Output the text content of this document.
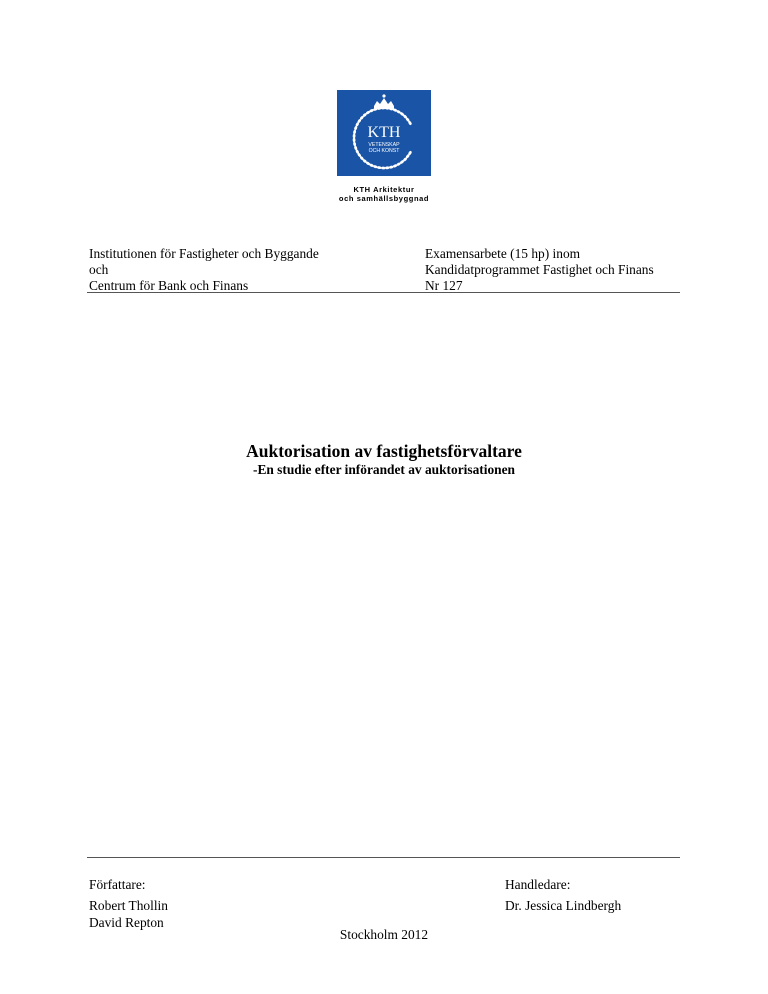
KTH
VETENSKAP
OCH KONST
KTH Arkitektur
och samhällsbyggnad
Institutionen för Fastigheter och Byggande
och
Centrum för Bank och Finans
Examensarbete (15 hp) inom
Kandidatprogrammet Fastighet och Finans
Nr 127
Auktorisation av fastighetsförvaltare
-En studie efter införandet av auktorisationen
Författare:
Robert Thollin
David Repton
Handledare:
Dr. Jessica Lindbergh
Stockholm 2012
